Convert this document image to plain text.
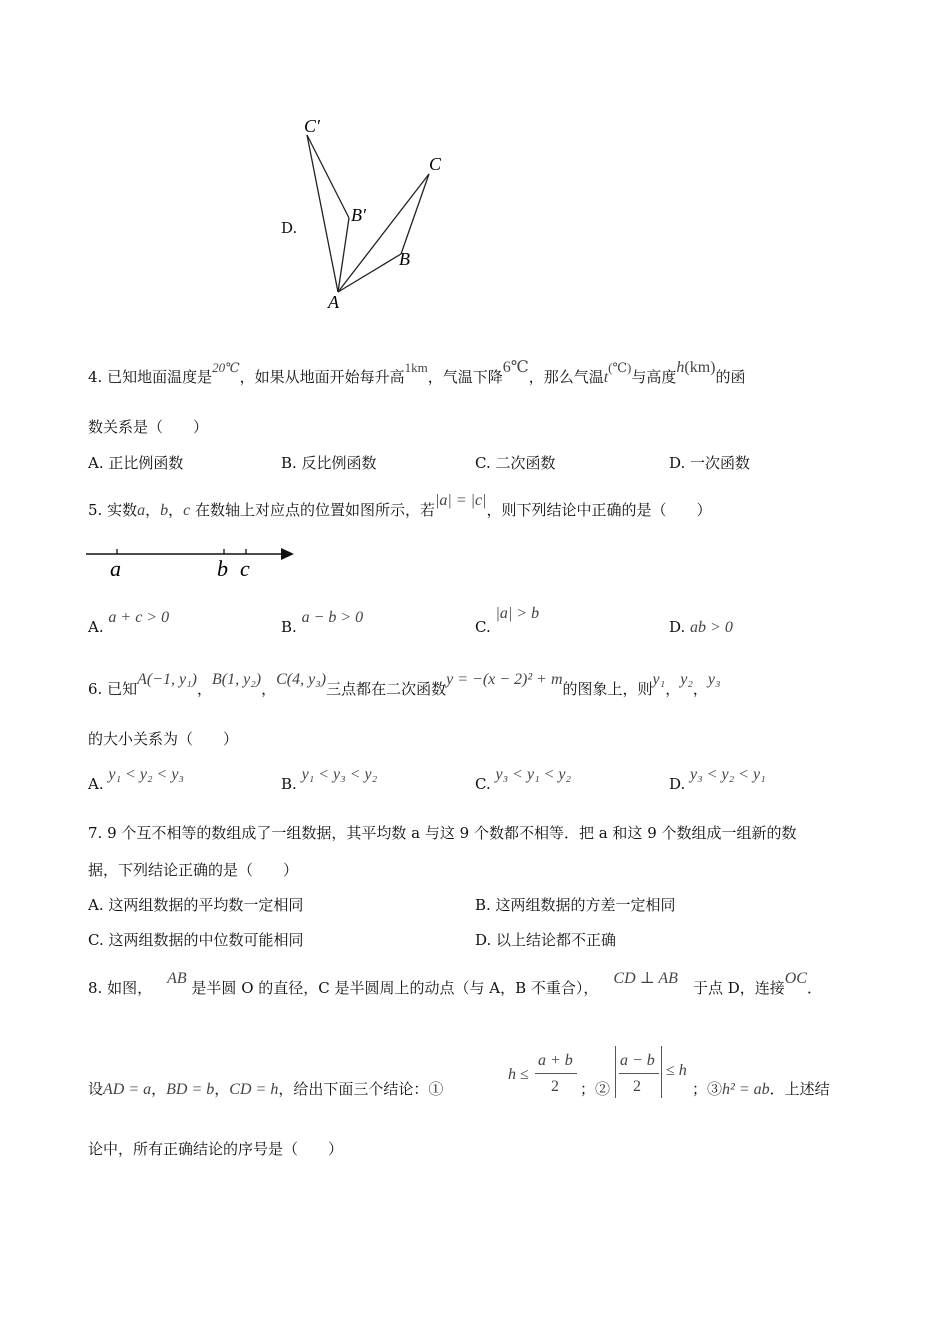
D.
C′
C
B′
B
A
4. 已知地面温度是20℃，如果从地面开始每升高1km，气温下降6℃，那么气温t(℃)与高度h(km)的函
数关系是（　　）
A. 正比例函数	B. 反比例函数	C. 二次函数	D. 一次函数
5. 实数a，b，c 在数轴上对应点的位置如图所示，若|a| = |c|，则下列结论中正确的是（　　）
a	b c
A. a + c > 0
B. a − b > 0
C. |a| > b
D. ab > 0
6. 已知A(−1, y₁)，B(1, y₂)，C(4, y₃)三点都在二次函数y = −(x − 2)² + m的图象上，则y₁，y₂，y₃
的大小关系为（　　）
A. y₁ < y₂ < y₃
B. y₁ < y₃ < y₂
C. y₃ < y₁ < y₂
D. y₃ < y₂ < y₁
7. 9 个互不相等的数组成了一组数据，其平均数 a 与这 9 个数都不相等．把 a 和这 9 个数组成一组新的数
据，下列结论正确的是（　　）
A. 这两组数据的平均数一定相同	B. 这两组数据的方差一定相同
C. 这两组数据的中位数可能相同	D. 以上结论都不正确
8. 如图， AB 是半圆 O 的直径，C 是半圆周上的动点（与 A，B 不重合）， CD ⊥ AB 于点 D，连接OC．
设AD = a，BD = b，CD = h，给出下面三个结论：①
h ≤
a + b
2 ；②
a − b
2
≤ h
；③h² = ab．上述结
论中，所有正确结论的序号是（　　）
